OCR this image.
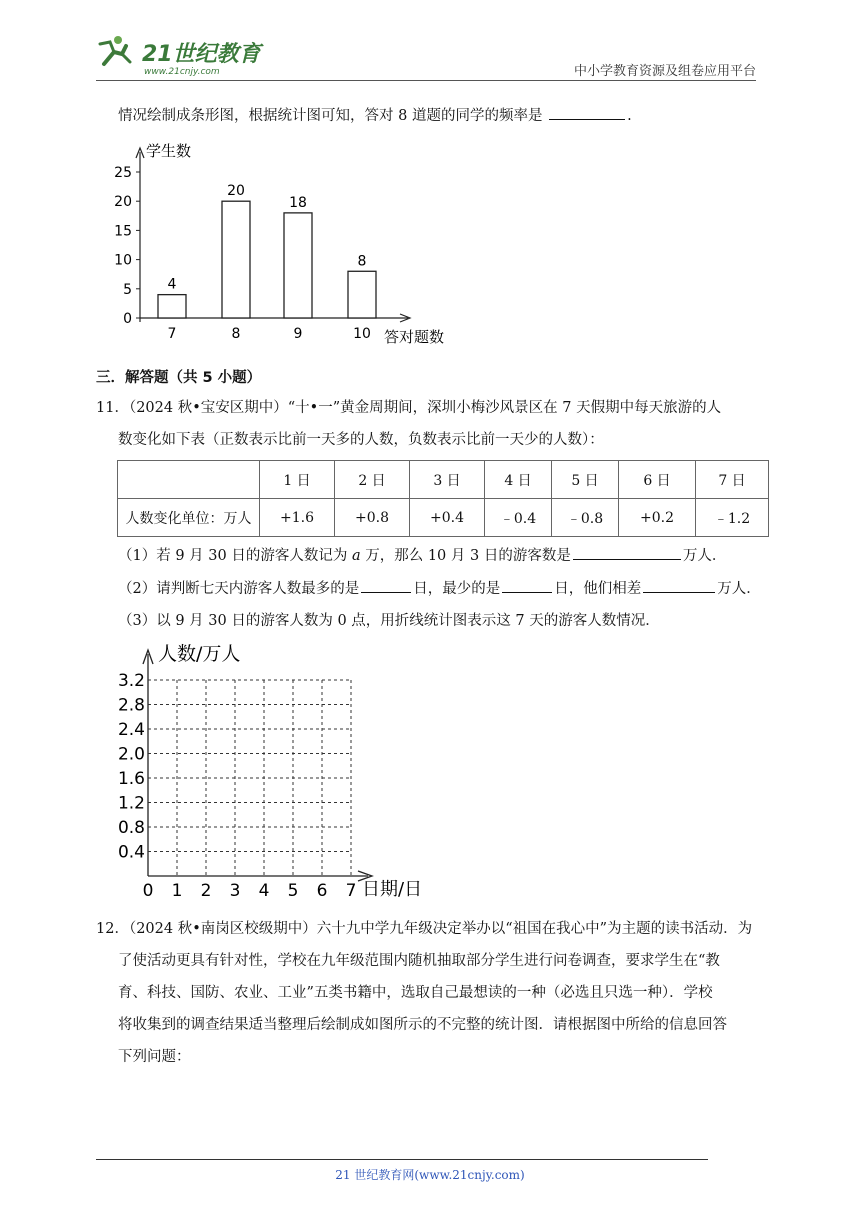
21世纪教育
www.21cnjy.com	中小学教育资源及组卷应用平台
情况绘制成条形图，根据统计图可知，答对 8 道题的同学的频率是	.
学生数
答对题数
0
5
10
15
20
25
4
7
20
8
18
9
8
10
三．解答题（共 5 小题）
11．（2024 秋•宝安区期中）“十•一”黄金周期间，深圳小梅沙风景区在 7 天假期中每天旅游的人
数变化如下表（正数表示比前一天多的人数，负数表示比前一天少的人数）：
	1 日	2 日	3 日	4 日	5 日	6 日	7 日
人数变化单位：万人	+1.6	+0.8	+0.4	﹣0.4	﹣0.8	+0.2	﹣1.2
（1）若 9 月 30 日的游客人数记为 a 万，那么 10 月 3 日的游客数是	万人．
（2）请判断七天内游客人数最多的是	日，最少的是	日，他们相差	万人．
（3）以 9 月 30 日的游客人数为 0 点，用折线统计图表示这 7 天的游客人数情况．
人数/万人
日期/日
0.4
0.8
1.2
1.6
2.0
2.4
2.8
3.2
0 1 2 3 4 5 6 7
12．（2024 秋•南岗区校级期中）六十九中学九年级决定举办以“祖国在我心中”为主题的读书活动．为
了使活动更具有针对性，学校在九年级范围内随机抽取部分学生进行问卷调查，要求学生在“教
育、科技、国防、农业、工业”五类书籍中，选取自己最想读的一种（必选且只选一种）．学校
将收集到的调查结果适当整理后绘制成如图所示的不完整的统计图．请根据图中所给的信息回答
下列问题：
21 世纪教育网(www.21cnjy.com)
